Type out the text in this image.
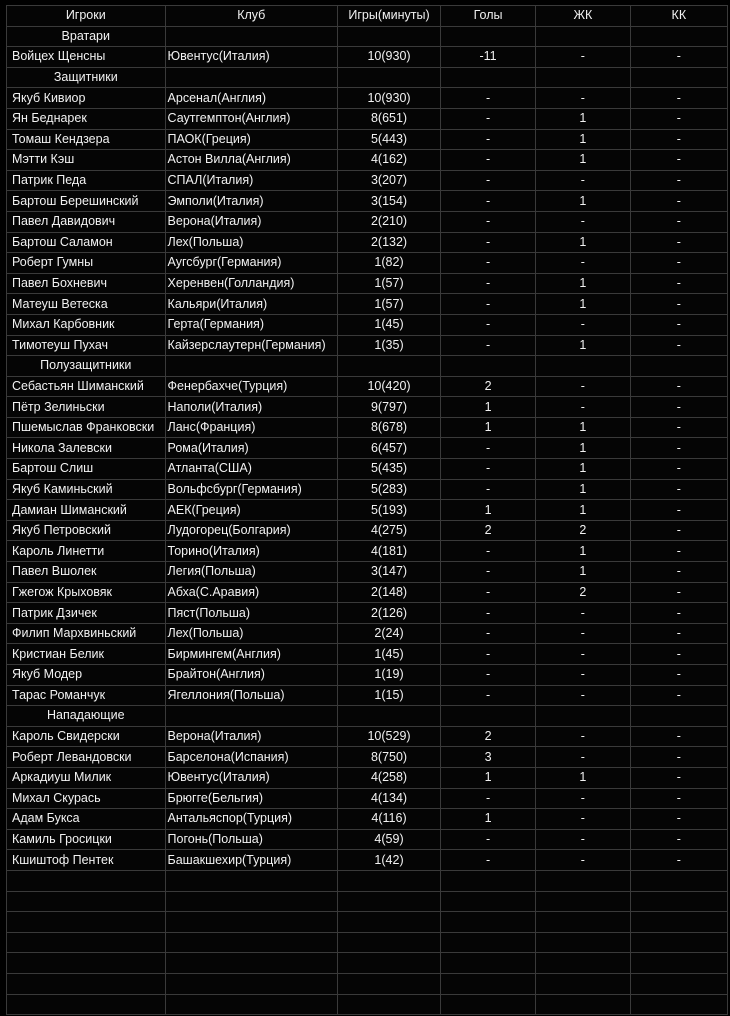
Игроки	Клуб	Игры(минуты)	Голы	ЖК	КК
Вратари					
Войцех Щенсны	Ювентус(Италия)	10(930)	-11	-	-
Защитники					
Якуб Кивиор	Арсенал(Англия)	10(930)	-	-	-
Ян Беднарек	Саутгемптон(Англия)	8(651)	-	1	-
Томаш Кендзера	ПАОК(Греция)	5(443)	-	1	-
Мэтти Кэш	Астон Вилла(Англия)	4(162)	-	1	-
Патрик Педа	СПАЛ(Италия)	3(207)	-	-	-
Бартош Берешинский	Эмполи(Италия)	3(154)	-	1	-
Павел Давидович	Верона(Италия)	2(210)	-	-	-
Бартош Саламон	Лех(Польша)	2(132)	-	1	-
Роберт Гумны	Аугсбург(Германия)	1(82)	-	-	-
Павел Бохневич	Херенвен(Голландия)	1(57)	-	1	-
Матеуш Ветеска	Кальяри(Италия)	1(57)	-	1	-
Михал Карбовник	Герта(Германия)	1(45)	-	-	-
Тимотеуш Пухач	Кайзерслаутерн(Германия)	1(35)	-	1	-
Полузащитники					
Себастьян Шиманский	Фенербахче(Турция)	10(420)	2	-	-
Пётр Зелиньски	Наполи(Италия)	9(797)	1	-	-
Пшемыслав Франковски	Ланс(Франция)	8(678)	1	1	-
Никола Залевски	Рома(Италия)	6(457)	-	1	-
Бартош Слиш	Атланта(США)	5(435)	-	1	-
Якуб Каминьский	Вольфсбург(Германия)	5(283)	-	1	-
Дамиан Шиманский	АЕК(Греция)	5(193)	1	1	-
Якуб Петровский	Лудогорец(Болгария)	4(275)	2	2	-
Кароль Линетти	Торино(Италия)	4(181)	-	1	-
Павел Вшолек	Легия(Польша)	3(147)	-	1	-
Гжегож Крыховяк	Абха(С.Аравия)	2(148)	-	2	-
Патрик Дзичек	Пяст(Польша)	2(126)	-	-	-
Филип Мархвиньский	Лех(Польша)	2(24)	-	-	-
Кристиан Белик	Бирмингем(Англия)	1(45)	-	-	-
Якуб Модер	Брайтон(Англия)	1(19)	-	-	-
Тарас Романчук	Ягеллония(Польша)	1(15)	-	-	-
Нападающие					
Кароль Свидерски	Верона(Италия)	10(529)	2	-	-
Роберт Левандовски	Барселона(Испания)	8(750)	3	-	-
Аркадиуш Милик	Ювентус(Италия)	4(258)	1	1	-
Михал Скурась	Брюгге(Бельгия)	4(134)	-	-	-
Адам Букса	Антальяспор(Турция)	4(116)	1	-	-
Камиль Гросицки	Погонь(Польша)	4(59)	-	-	-
Кшиштоф Пентек	Башакшехир(Турция)	1(42)	-	-	-
